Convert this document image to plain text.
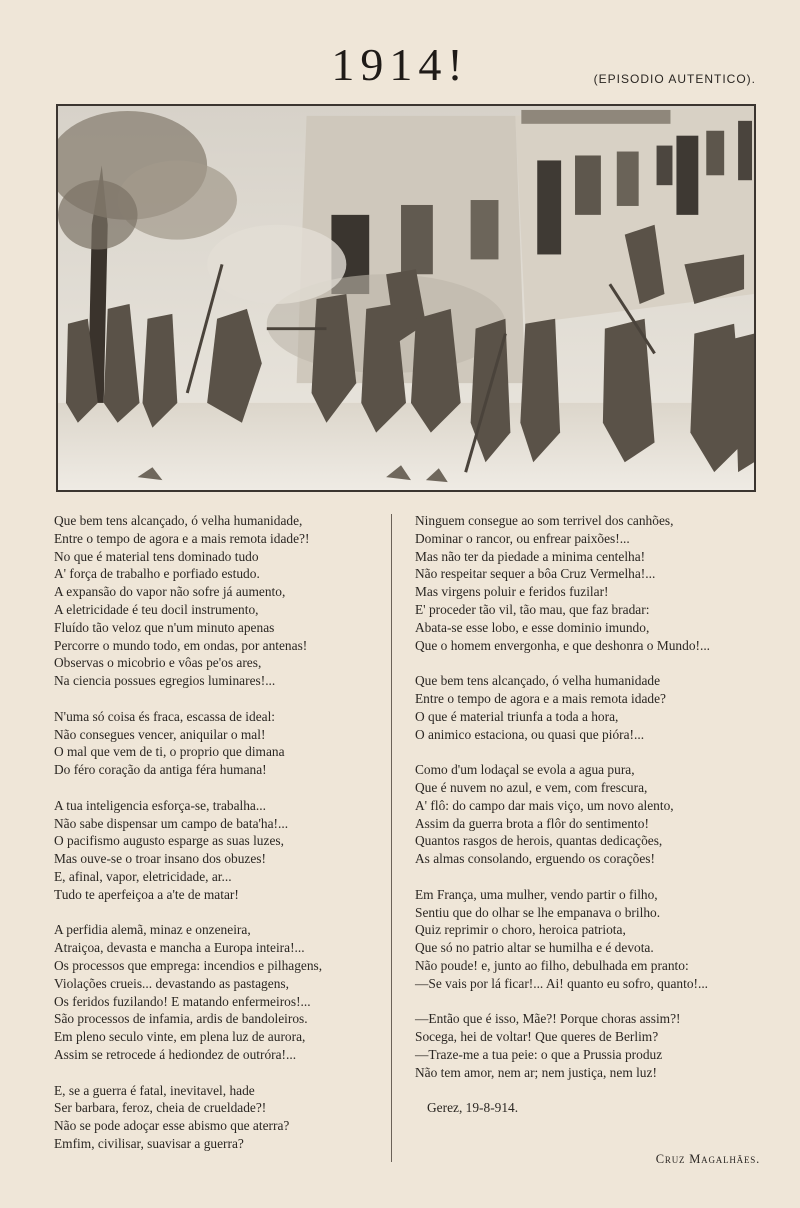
1914!	(EPISODIO AUTENTICO).
Que bem tens alcançado, ó velha humanidade,
Entre o tempo de agora e a mais remota idade?!
No que é material tens dominado tudo
A' força de trabalho e porfiado estudo.
A expansão do vapor não sofre já aumento,
A eletricidade é teu docil instrumento,
Fluído tão veloz que n'um minuto apenas
Percorre o mundo todo, em ondas, por antenas!
Observas o micobrio e vôas pe'os ares,
Na ciencia possues egregios luminares!...
N'uma só coisa és fraca, escassa de ideal:
Não consegues vencer, aniquilar o mal!
O mal que vem de ti, o proprio que dimana
Do féro coração da antiga féra humana!
A tua inteligencia esforça-se, trabalha...
Não sabe dispensar um campo de bata'ha!...
O pacifismo augusto esparge as suas luzes,
Mas ouve-se o troar insano dos obuzes!
E, afinal, vapor, eletricidade, ar...
Tudo te aperfeiçoa a a'te de matar!
A perfidia alemã, minaz e onzeneira,
Atraiçoa, devasta e mancha a Europa inteira!...
Os processos que emprega: incendios e pilhagens,
Violações crueis... devastando as pastagens,
Os feridos fuzilando! E matando enfermeiros!...
São processos de infamia, ardis de bandoleiros.
Em pleno seculo vinte, em plena luz de aurora,
Assim se retrocede á hediondez de outróra!...
E, se a guerra é fatal, inevitavel, hade
Ser barbara, feroz, cheia de crueldade?!
Não se pode adoçar esse abismo que aterra?
Emfim, civilisar, suavisar a guerra?
Ninguem consegue ao som terrivel dos canhões,
Dominar o rancor, ou enfrear paixões!...
Mas não ter da piedade a minima centelha!
Não respeitar sequer a bôa Cruz Vermelha!...
Mas virgens poluir e feridos fuzilar!
E' proceder tão vil, tão mau, que faz bradar:
Abata-se esse lobo, e esse dominio imundo,
Que o homem envergonha, e que deshonra o Mundo!...
Que bem tens alcançado, ó velha humanidade
Entre o tempo de agora e a mais remota idade?
O que é material triunfa a toda a hora,
O animico estaciona, ou quasi que pióra!...
Como d'um lodaçal se evola a agua pura,
Que é nuvem no azul, e vem, com frescura,
A' flô: do campo dar mais viço, um novo alento,
Assim da guerra brota a flôr do sentimento!
Quantos rasgos de herois, quantas dedicações,
As almas consolando, erguendo os corações!
Em França, uma mulher, vendo partir o filho,
Sentiu que do olhar se lhe empanava o brilho.
Quiz reprimir o choro, heroica patriota,
Que só no patrio altar se humilha e é devota.
Não poude! e, junto ao filho, debulhada em pranto:
—Se vais por lá ficar!... Ai! quanto eu sofro, quanto!...
—Então que é isso, Mãe?! Porque choras assim?!
Socega, hei de voltar! Que queres de Berlim?
—Traze-me a tua peie: o que a Prussia produz
Não tem amor, nem ar; nem justiça, nem luz!
Gerez, 19-8-914.
Cruz Magalhães.
